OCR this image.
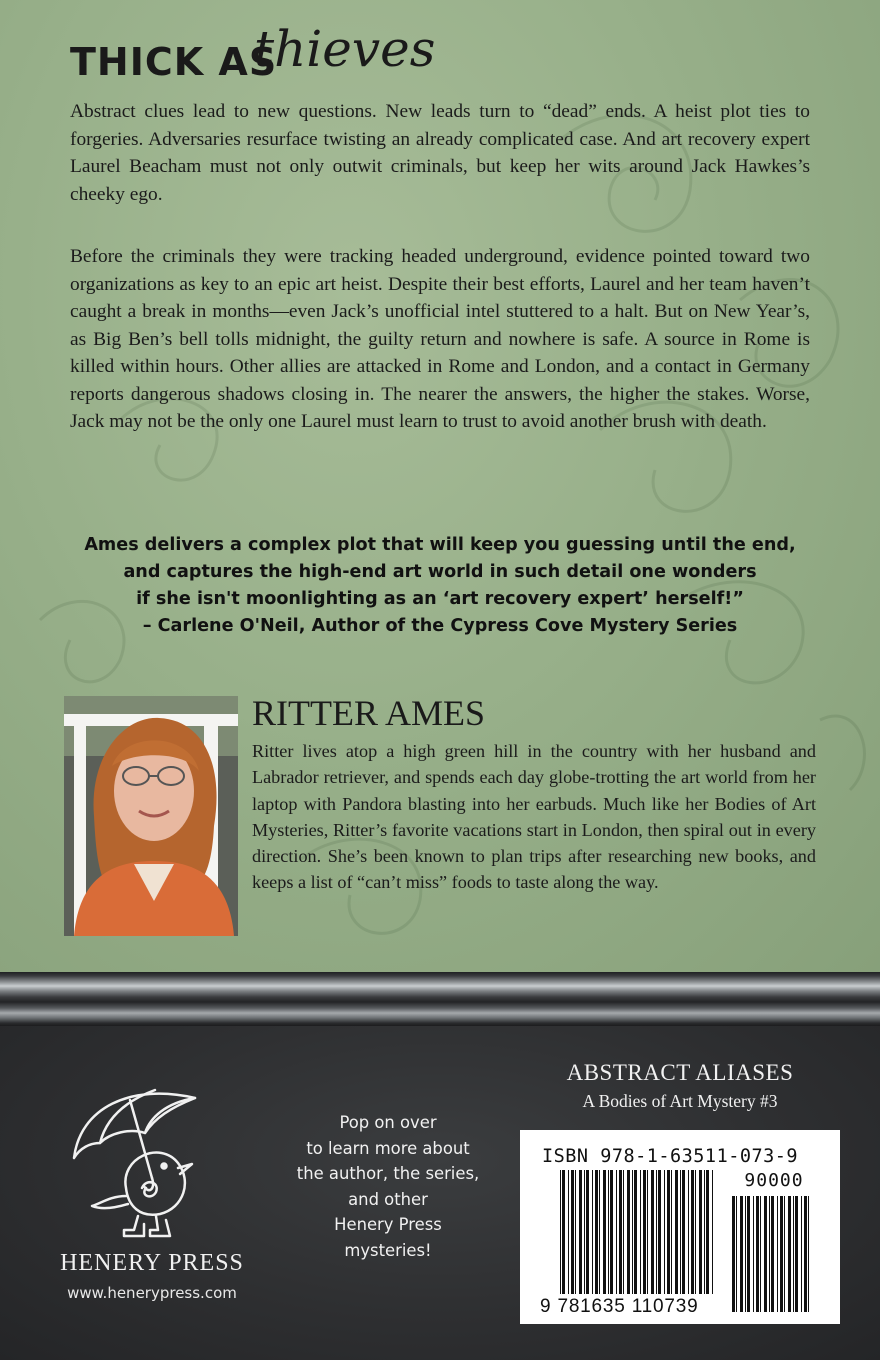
THICK AS
thieves

Abstract clues lead to new questions. New leads turn to “dead” ends. A heist plot ties to forgeries. Adversaries resurface twisting an already complicated case. And art recovery expert Laurel Beacham must not only outwit criminals, but keep her wits around Jack Hawkes’s cheeky ego.

Before the criminals they were tracking headed underground, evidence pointed toward two organizations as key to an epic art heist. Despite their best efforts, Laurel and her team haven’t caught a break in months—even Jack’s unofficial intel stuttered to a halt. But on New Year’s, as Big Ben’s bell tolls midnight, the guilty return and nowhere is safe. A source in Rome is killed within hours. Other allies are attacked in Rome and London, and a contact in Germany reports dangerous shadows closing in. The nearer the answers, the higher the stakes. Worse, Jack may not be the only one Laurel must learn to trust to avoid another brush with death.

Ames delivers a complex plot that will keep you guessing until the end,
and captures the high-end art world in such detail one wonders
if she isn't moonlighting as an ‘art recovery expert’ herself!”
– Carlene O'Neil, Author of the Cypress Cove Mystery Series
RITTER AMES

Ritter lives atop a high green hill in the country with her husband and Labrador retriever, and spends each day globe-trotting the art world from her laptop with Pandora blasting into her earbuds. Much like her Bodies of Art Mysteries, Ritter’s favorite vacations start in London, then spiral out in every direction. She’s been known to plan trips after researching new books, and keeps a list of “can’t miss” foods to taste along the way.

HENERY PRESS
www.henerypress.com
Pop on over
to learn more about
the author, the series,
and other
Henery Press
mysteries!
ABSTRACT ALIASES
A Bodies of Art Mystery #3
ISBN 978-1-63511-073-9
90000
9 781635 110739
